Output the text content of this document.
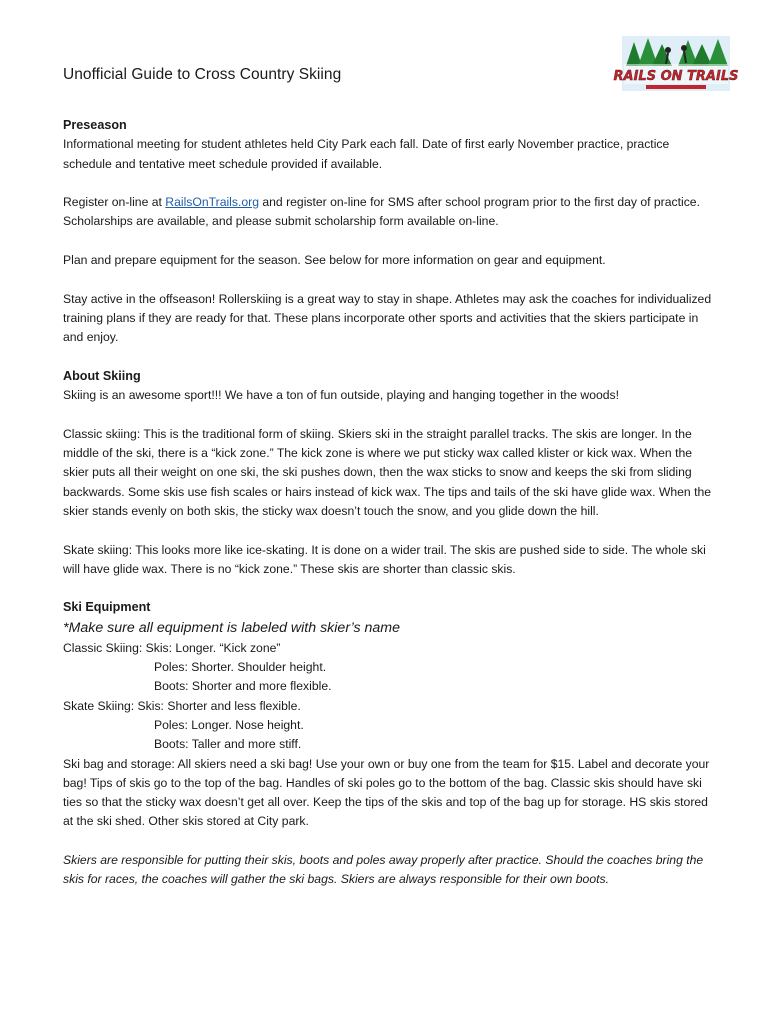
RAILS ON TRAILS
Unofficial Guide to Cross Country Skiing
Preseason

Informational meeting for student athletes held City Park each fall. Date of first early November practice, practice schedule and tentative meet schedule provided if available.

Register on-line at RailsOnTrails.org and register on-line for SMS after school program prior to the first day of practice. Scholarships are available, and please submit scholarship form available on-line.

Plan and prepare equipment for the season. See below for more information on gear and equipment.

Stay active in the offseason! Rollerskiing is a great way to stay in shape. Athletes may ask the coaches for individualized training plans if they are ready for that. These plans incorporate other sports and activities that the skiers participate in and enjoy.

About Skiing

Skiing is an awesome sport!!! We have a ton of fun outside, playing and hanging together in the woods!

Classic skiing: This is the traditional form of skiing. Skiers ski in the straight parallel tracks. The skis are longer. In the middle of the ski, there is a “kick zone.” The kick zone is where we put sticky wax called klister or kick wax. When the skier puts all their weight on one ski, the ski pushes down, then the wax sticks to snow and keeps the ski from sliding backwards. Some skis use fish scales or hairs instead of kick wax. The tips and tails of the ski have glide wax. When the skier stands evenly on both skis, the sticky wax doesn’t touch the snow, and you glide down the hill.

Skate skiing: This looks more like ice-skating. It is done on a wider trail. The skis are pushed side to side. The whole ski will have glide wax. There is no “kick zone.” These skis are shorter than classic skis.

Ski Equipment

*Make sure all equipment is labeled with skier’s name

Classic Skiing: Skis: Longer. “Kick zone”

Poles: Shorter. Shoulder height.

Boots: Shorter and more flexible.

Skate Skiing: Skis: Shorter and less flexible.

Poles: Longer. Nose height.

Boots: Taller and more stiff.

Ski bag and storage: All skiers need a ski bag! Use your own or buy one from the team for $15. Label and decorate your bag! Tips of skis go to the top of the bag. Handles of ski poles go to the bottom of the bag. Classic skis should have ski ties so that the sticky wax doesn’t get all over. Keep the tips of the skis and top of the bag up for storage. HS skis stored at the ski shed. Other skis stored at City park.

Skiers are responsible for putting their skis, boots and poles away properly after practice. Should the coaches bring the skis for races, the coaches will gather the ski bags. Skiers are always responsible for their own boots.
